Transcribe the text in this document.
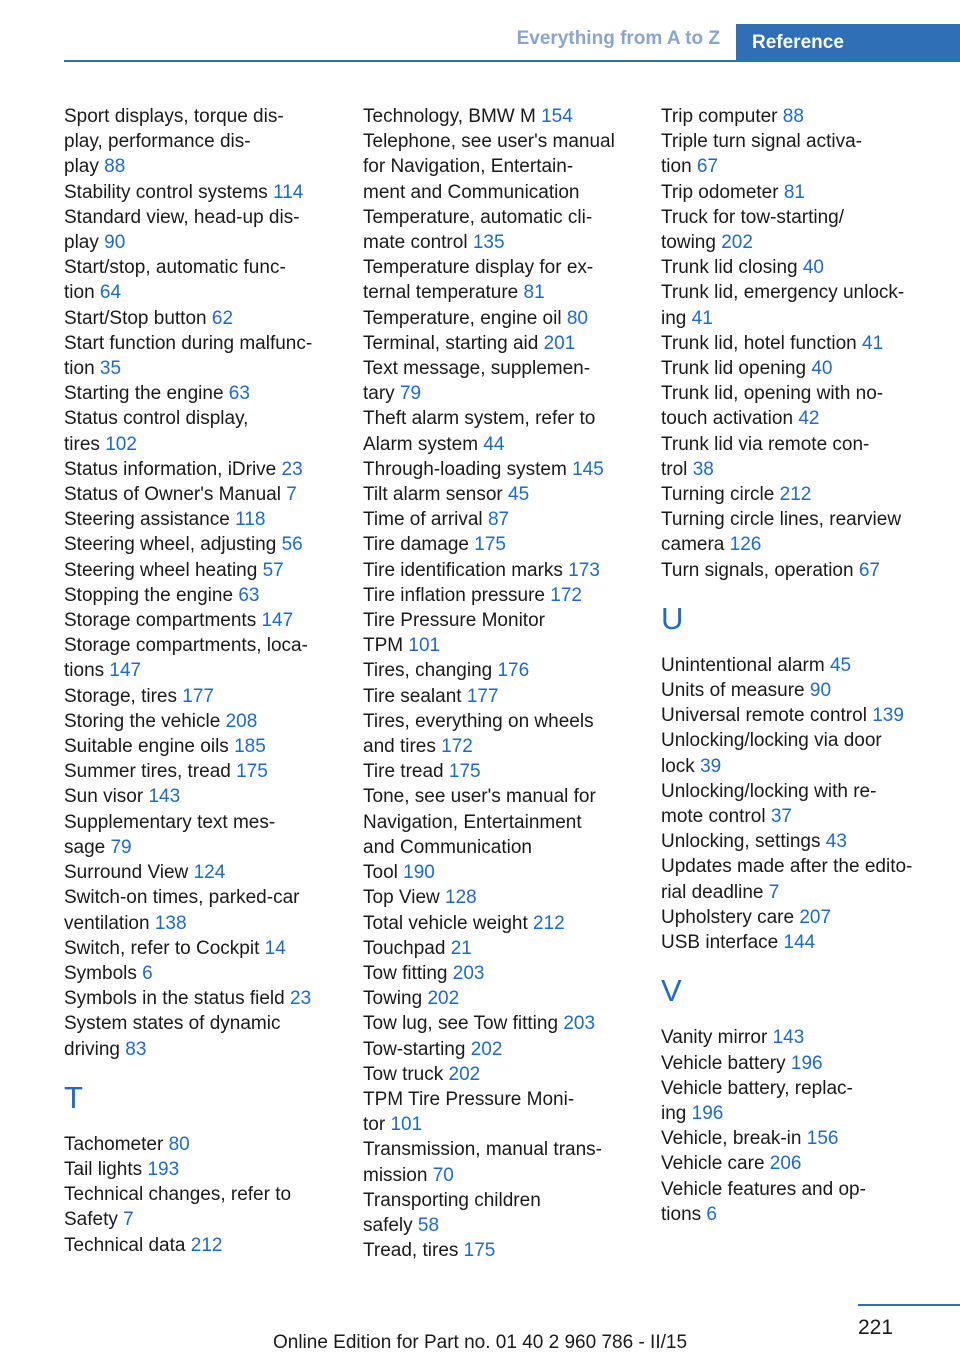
Everything from A to Z Reference
Sport displays, torque dis-
play, performance dis-
play 88
Stability control systems 114
Standard view, head-up dis-
play 90
Start/stop, automatic func-
tion 64
Start/Stop button 62
Start function during malfunc-
tion 35
Starting the engine 63
Status control display,
tires 102
Status information, iDrive 23
Status of Owner's Manual 7
Steering assistance 118
Steering wheel, adjusting 56
Steering wheel heating 57
Stopping the engine 63
Storage compartments 147
Storage compartments, loca-
tions 147
Storage, tires 177
Storing the vehicle 208
Suitable engine oils 185
Summer tires, tread 175
Sun visor 143
Supplementary text mes-
sage 79
Surround View 124
Switch-on times, parked-car
ventilation 138
Switch, refer to Cockpit 14
Symbols 6
Symbols in the status field 23
System states of dynamic
driving 83
T
Tachometer 80
Tail lights 193
Technical changes, refer to
Safety 7
Technical data 212
Technology, BMW M 154
Telephone, see user's manual
for Navigation, Entertain-
ment and Communication
Temperature, automatic cli-
mate control 135
Temperature display for ex-
ternal temperature 81
Temperature, engine oil 80
Terminal, starting aid 201
Text message, supplemen-
tary 79
Theft alarm system, refer to
Alarm system 44
Through-loading system 145
Tilt alarm sensor 45
Time of arrival 87
Tire damage 175
Tire identification marks 173
Tire inflation pressure 172
Tire Pressure Monitor
TPM 101
Tires, changing 176
Tire sealant 177
Tires, everything on wheels
and tires 172
Tire tread 175
Tone, see user's manual for
Navigation, Entertainment
and Communication
Tool 190
Top View 128
Total vehicle weight 212
Touchpad 21
Tow fitting 203
Towing 202
Tow lug, see Tow fitting 203
Tow-starting 202
Tow truck 202
TPM Tire Pressure Moni-
tor 101
Transmission, manual trans-
mission 70
Transporting children
safely 58
Tread, tires 175
Trip computer 88
Triple turn signal activa-
tion 67
Trip odometer 81
Truck for tow-starting/
towing 202
Trunk lid closing 40
Trunk lid, emergency unlock-
ing 41
Trunk lid, hotel function 41
Trunk lid opening 40
Trunk lid, opening with no-
touch activation 42
Trunk lid via remote con-
trol 38
Turning circle 212
Turning circle lines, rearview
camera 126
Turn signals, operation 67
U
Unintentional alarm 45
Units of measure 90
Universal remote control 139
Unlocking/locking via door
lock 39
Unlocking/locking with re-
mote control 37
Unlocking, settings 43
Updates made after the edito-
rial deadline 7
Upholstery care 207
USB interface 144
V
Vanity mirror 143
Vehicle battery 196
Vehicle battery, replac-
ing 196
Vehicle, break-in 156
Vehicle care 206
Vehicle features and op-
tions 6
221
Online Edition for Part no. 01 40 2 960 786 - II/15
